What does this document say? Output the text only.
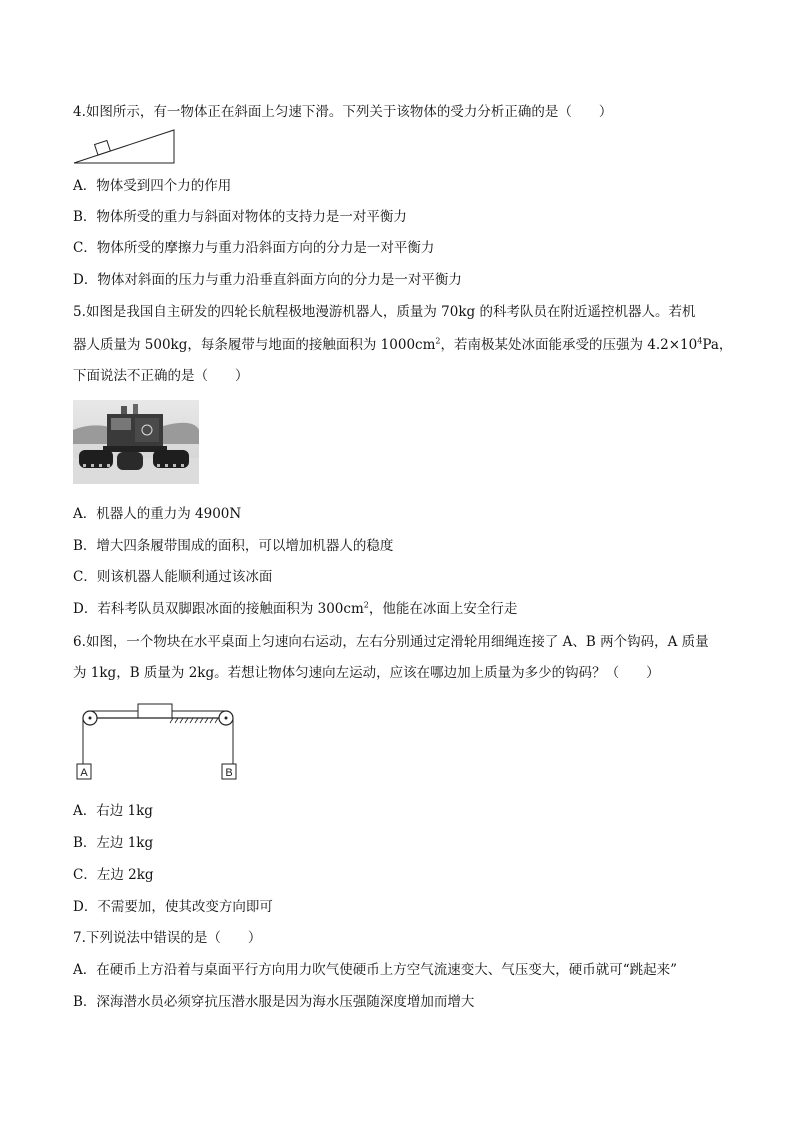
4.如图所示，有一物体正在斜面上匀速下滑。下列关于该物体的受力分析正确的是（　　）
A．物体受到四个力的作用
B．物体所受的重力与斜面对物体的支持力是一对平衡力
C．物体所受的摩擦力与重力沿斜面方向的分力是一对平衡力
D．物体对斜面的压力与重力沿垂直斜面方向的分力是一对平衡力
5.如图是我国自主研发的四轮长航程极地漫游机器人，质量为 70kg 的科考队员在附近遥控机器人。若机
器人质量为 500kg，每条履带与地面的接触面积为 $1000cm^2$，若南极某处冰面能承受的压强为 $4.2\times 10^4Pa$，
下面说法不正确的是（　　）
A．机器人的重力为 4900N
B．增大四条履带围成的面积，可以增加机器人的稳度
C．则该机器人能顺利通过该冰面
D．若科考队员双脚跟冰面的接触面积为 $300cm^2$，他能在冰面上安全行走
6.如图，一个物块在水平桌面上匀速向右运动，左右分别通过定滑轮用细绳连接了 A、B 两个钩码，A 质量
为 1kg，B 质量为 2kg。若想让物体匀速向左运动，应该在哪边加上质量为多少的钩码？（　　）
A	B
A．右边 1kg
B．左边 1kg
C．左边 2kg
D．不需要加，使其改变方向即可
7.下列说法中错误的是（　　）
A．在硬币上方沿着与桌面平行方向用力吹气使硬币上方空气流速变大、气压变大，硬币就可“跳起来”
B．深海潜水员必须穿抗压潜水服是因为海水压强随深度增加而增大
